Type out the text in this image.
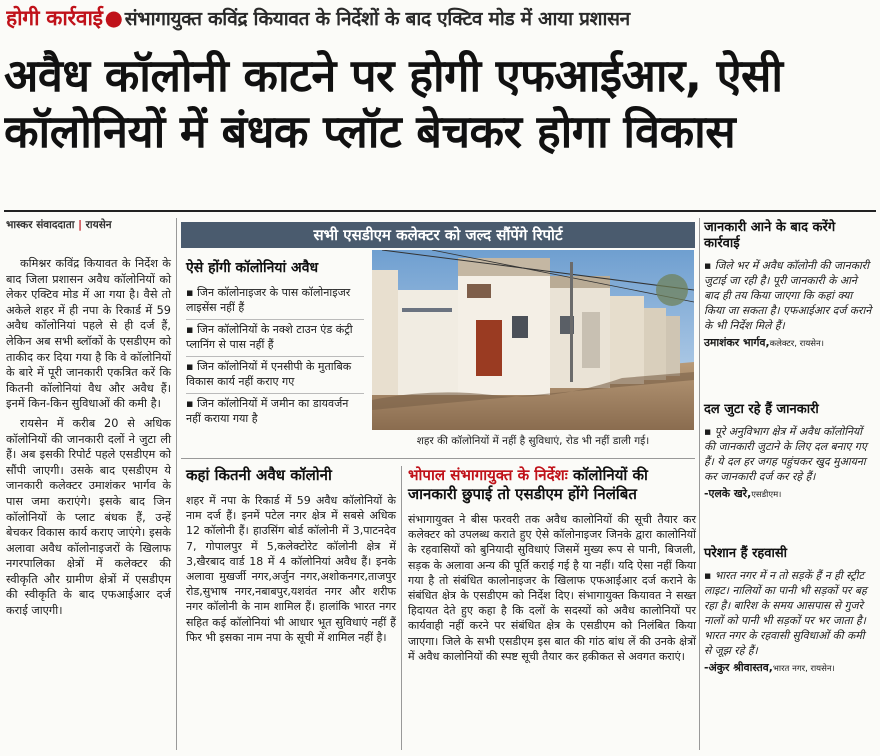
होगी कार्रवाई● संभागायुक्त कविंद्र कियावत के निर्देशों के बाद एक्टिव मोड में आया प्रशासन
अवैध कॉलोनी काटने पर होगी एफआईआर, ऐसी
कॉलोनियों में बंधक प्लॉट बेचकर होगा विकास
भास्कर संवाददाता | रायसेन

कमिश्नर कविंद्र कियावत के निर्देश के बाद जिला प्रशासन अवैध कॉलोनियों को लेकर एक्टिव मोड में आ गया है। वैसे तो अकेले शहर में ही नपा के रिकार्ड में 59 अवैध कॉलोनियां पहले से ही दर्ज हैं, लेकिन अब सभी ब्लॉकों के एसडीएम को ताकीद कर दिया गया है कि वे कॉलोनियों के बारे में पूरी जानकारी एकत्रित करें कि कितनी कॉलोनियां वैध और अवैध हैं। इनमें किन-किन सुविधाओं की कमी है।

रायसेन में करीब 20 से अधिक कॉलोनियों की जानकारी दलों ने जुटा ली हैं। अब इसकी रिपोर्ट पहले एसडीएम को सौंपी जाएगी। उसके बाद एसडीएम ये जानकारी कलेक्टर उमाशंकर भार्गव के पास जमा कराएंगे। इसके बाद जिन कॉलोनियों के प्लाट बंधक हैं, उन्हें बेचकर विकास कार्य कराए जाएंगे। इसके अलावा अवैध कॉलोनाइजरों के खिलाफ नगरपालिका क्षेत्रों में कलेक्टर की स्वीकृति और ग्रामीण क्षेत्रों में एसडीएम की स्वीकृति के बाद एफआईआर दर्ज कराई जाएगी।

सभी एसडीएम कलेक्टर को जल्द सौंपेंगे रिपोर्ट
ऐसे होंगी कॉलोनियां अवैध
▪ जिन कॉलोनाइजर के पास कॉलोनाइजर लाइसेंस नहीं हैं
▪ जिन कॉलोनियों के नक्शे टाउन एंड कंट्री प्लानिंग से पास नहीं हैं
▪ जिन कॉलोनियों में एनसीपी के मुताबिक विकास कार्य नहीं कराए गए
▪ जिन कॉलोनियों में जमीन का डायवर्जन नहीं कराया गया है
शहर की कॉलोनियों में नहीं है सुविधाएं, रोड भी नहीं डाली गई।
कहां कितनी अवैध कॉलोनी
शहर में नपा के रिकार्ड में 59 अवैध कॉलोनियों के नाम दर्ज हैं। इनमें पटेल नगर क्षेत्र में सबसे अधिक 12 कॉलोनी हैं। हाउसिंग बोर्ड कॉलोनी में 3,पाटनदेव 7, गोपालपुर में 5,कलेक्टोरेट कॉलोनी क्षेत्र में 3,खैरबाद वार्ड 18 में 4 कॉलोनियां अवैध हैं। इनके अलावा मुखर्जी नगर,अर्जुन नगर,अशोकनगर,ताजपुर रोड,सुभाष नगर,नबाबपुर,यशवंत नगर और शरीफ नगर कॉलोनी के नाम शामिल हैं। हालांकि भारत नगर सहित कई कॉलोनियां भी आधार भूत सुविधाएं नहीं हैं फिर भी इसका नाम नपा के सूची में शामिल नहीं है।
भोपाल संभागायुक्त के निर्देशः कॉलोनियों की जानकारी छुपाई तो एसडीएम होंगे निलंबित
संभागायुक्त ने बीस फरवरी तक अवैध कालोनियों की सूची तैयार कर कलेक्टर को उपलब्ध कराते हुए ऐसे कॉलोनाइजर जिनके द्वारा कालोनियों के रहवासियों को बुनियादी सुविधाएं जिसमें मुख्य रूप से पानी, बिजली, सड़क के अलावा अन्य की पूर्ति कराई गई है या नहीं। यदि ऐसा नहीं किया गया है तो संबंधित कालोनाइजर के खिलाफ एफआईआर दर्ज कराने के संबंधित क्षेत्र के एसडीएम को निर्देश दिए। संभागायुक्त कियावत ने सख्त हिदायत देते हुए कहा है कि दलों के सदस्यों को अवैध कालोनियों पर कार्यवाही नहीं करने पर संबंधित क्षेत्र के एसडीएम को निलंबित किया जाएगा। जिले के सभी एसडीएम इस बात की गांठ बांध लें की उनके क्षेत्रों में अवैध कालोनियों की स्पष्ट सूची तैयार कर हकीकत से अवगत कराएं।
जानकारी आने के बाद करेंगे कार्रवाई
▪ जिले भर में अवैध कॉलोनी की जानकारी जुटाई जा रही है। पूरी जानकारी के आने बाद ही तय किया जाएगा कि कहां क्या किया जा सकता है। एफआईआर दर्ज कराने के भी निर्देश मिले हैं।
उमाशंकर भार्गव,कलेक्टर, रायसेन।
दल जुटा रहे हैं जानकारी
▪ पूरे अनुविभाग क्षेत्र में अवैध कॉलोनियों की जानकारी जुटाने के लिए दल बनाए गए हैं। ये दल हर जगह पहुंचकर खुद मुआयना कर जानकारी दर्ज कर रहे हैं।
-एलके खरे,एसडीएम।
परेशान हैं रहवासी
▪ भारत नगर में न तो सड़कें हैं न ही स्ट्रीट लाइट। नालियों का पानी भी सड़कों पर बह रहा है। बारिश के समय आसपास से गुजरे नालों को पानी भी सड़कों पर भर जाता है। भारत नगर के रहवासी सुविधाओं की कमी से जूझ रहे हैं।
-अंकुर श्रीवास्तव,भारत नगर, रायसेन।
